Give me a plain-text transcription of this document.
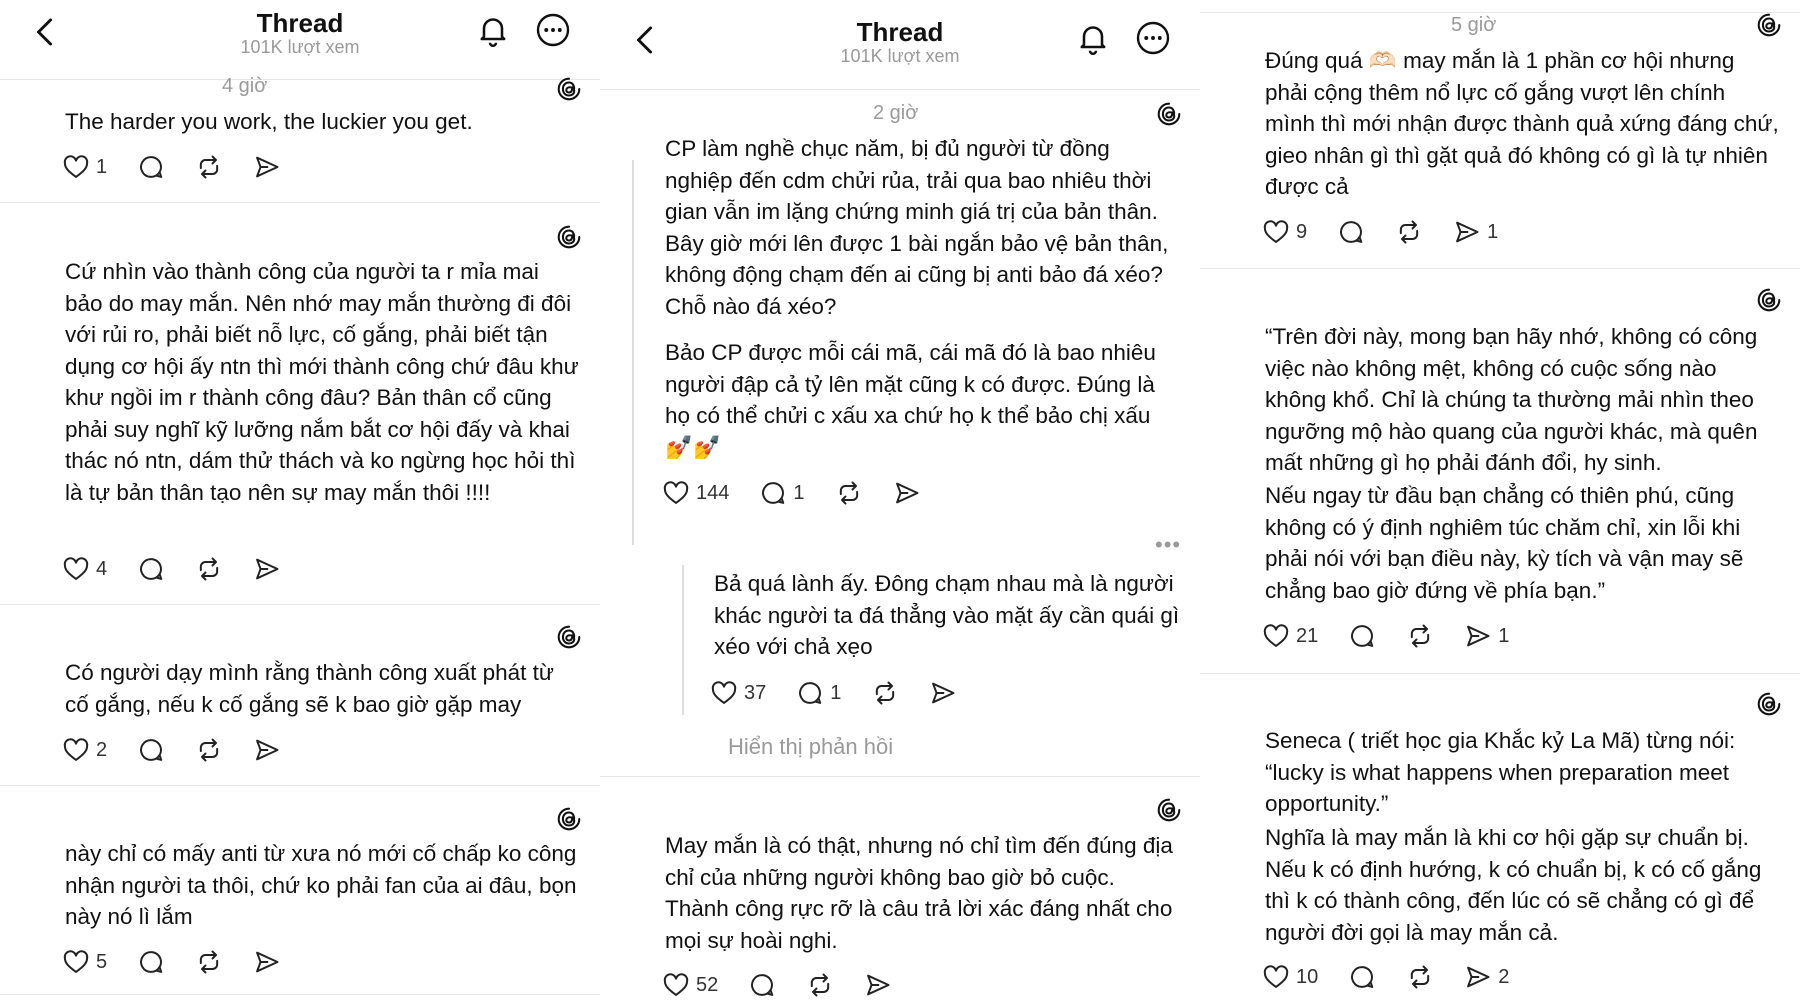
Thread
101K lượt xem
4 giờ
The harder you work, the luckier you get.
1
Cứ nhìn vào thành công của người ta r mỉa mai bảo do may mắn. Nên nhớ may mắn thường đi đôi với rủi ro, phải biết nỗ lực, cố gắng, phải biết tận dụng cơ hội ấy ntn thì mới thành công chứ đâu khư khư ngồi im r thành công đâu? Bản thân cổ cũng phải suy nghĩ kỹ lưỡng nắm bắt cơ hội đấy và khai thác nó ntn, dám thử thách và ko ngừng học hỏi thì là tự bản thân tạo nên sự may mắn thôi !!!!
4
Có người dạy mình rằng thành công xuất phát từ cố gắng, nếu k cố gắng sẽ k bao giờ gặp may
2
này chỉ có mấy anti từ xưa nó mới cố chấp ko công nhận người ta thôi, chứ ko phải fan của ai đâu, bọn này nó lì lắm
5
Thread
101K lượt xem
2 giờ
CP làm nghề chục năm, bị đủ người từ đồng nghiệp đến cdm chửi rủa, trải qua bao nhiêu thời gian vẫn im lặng chứng minh giá trị của bản thân. Bây giờ mới lên được 1 bài ngắn bảo vệ bản thân, không động chạm đến ai cũng bị anti bảo đá xéo? Chỗ nào đá xéo?
Bảo CP được mỗi cái mã, cái mã đó là bao nhiêu người đập cả tỷ lên mặt cũng k có được. Đúng là họ có thể chửi c xấu xa chứ họ k thể bảo chị xấu
💅💅
144	1
•••
Bả quá lành ấy. Đông chạm nhau mà là người khác người ta đá thẳng vào mặt ấy cần quái gì xéo với chả xẹo
37	1
Hiển thị phản hồi
May mắn là có thật, nhưng nó chỉ tìm đến đúng địa chỉ của những người không bao giờ bỏ cuộc. Thành công rực rỡ là câu trả lời xác đáng nhất cho mọi sự hoài nghi.
52
5 giờ
Đúng quá 🫶🏻 may mắn là 1 phần cơ hội nhưng phải cộng thêm nổ lực cố gắng vượt lên chính mình thì mới nhận được thành quả xứng đáng chứ, gieo nhân gì thì gặt quả đó không có gì là tự nhiên được cả
9	1
“Trên đời này, mong bạn hãy nhớ, không có công việc nào không mệt, không có cuộc sống nào không khổ. Chỉ là chúng ta thường mải nhìn theo ngưỡng mộ hào quang của người khác, mà quên mất những gì họ phải đánh đổi, hy sinh.
Nếu ngay từ đầu bạn chẳng có thiên phú, cũng không có ý định nghiêm túc chăm chỉ, xin lỗi khi phải nói với bạn điều này, kỳ tích và vận may sẽ chẳng bao giờ đứng về phía bạn.”
21	1
Seneca ( triết học gia Khắc kỷ La Mã) từng nói: “lucky is what happens when preparation meet opportunity.”
Nghĩa là may mắn là khi cơ hội gặp sự chuẩn bị. Nếu k có định hướng, k có chuẩn bị, k có cố gắng thì k có thành công, đến lúc có sẽ chẳng có gì để người đời gọi là may mắn cả.
10	2
